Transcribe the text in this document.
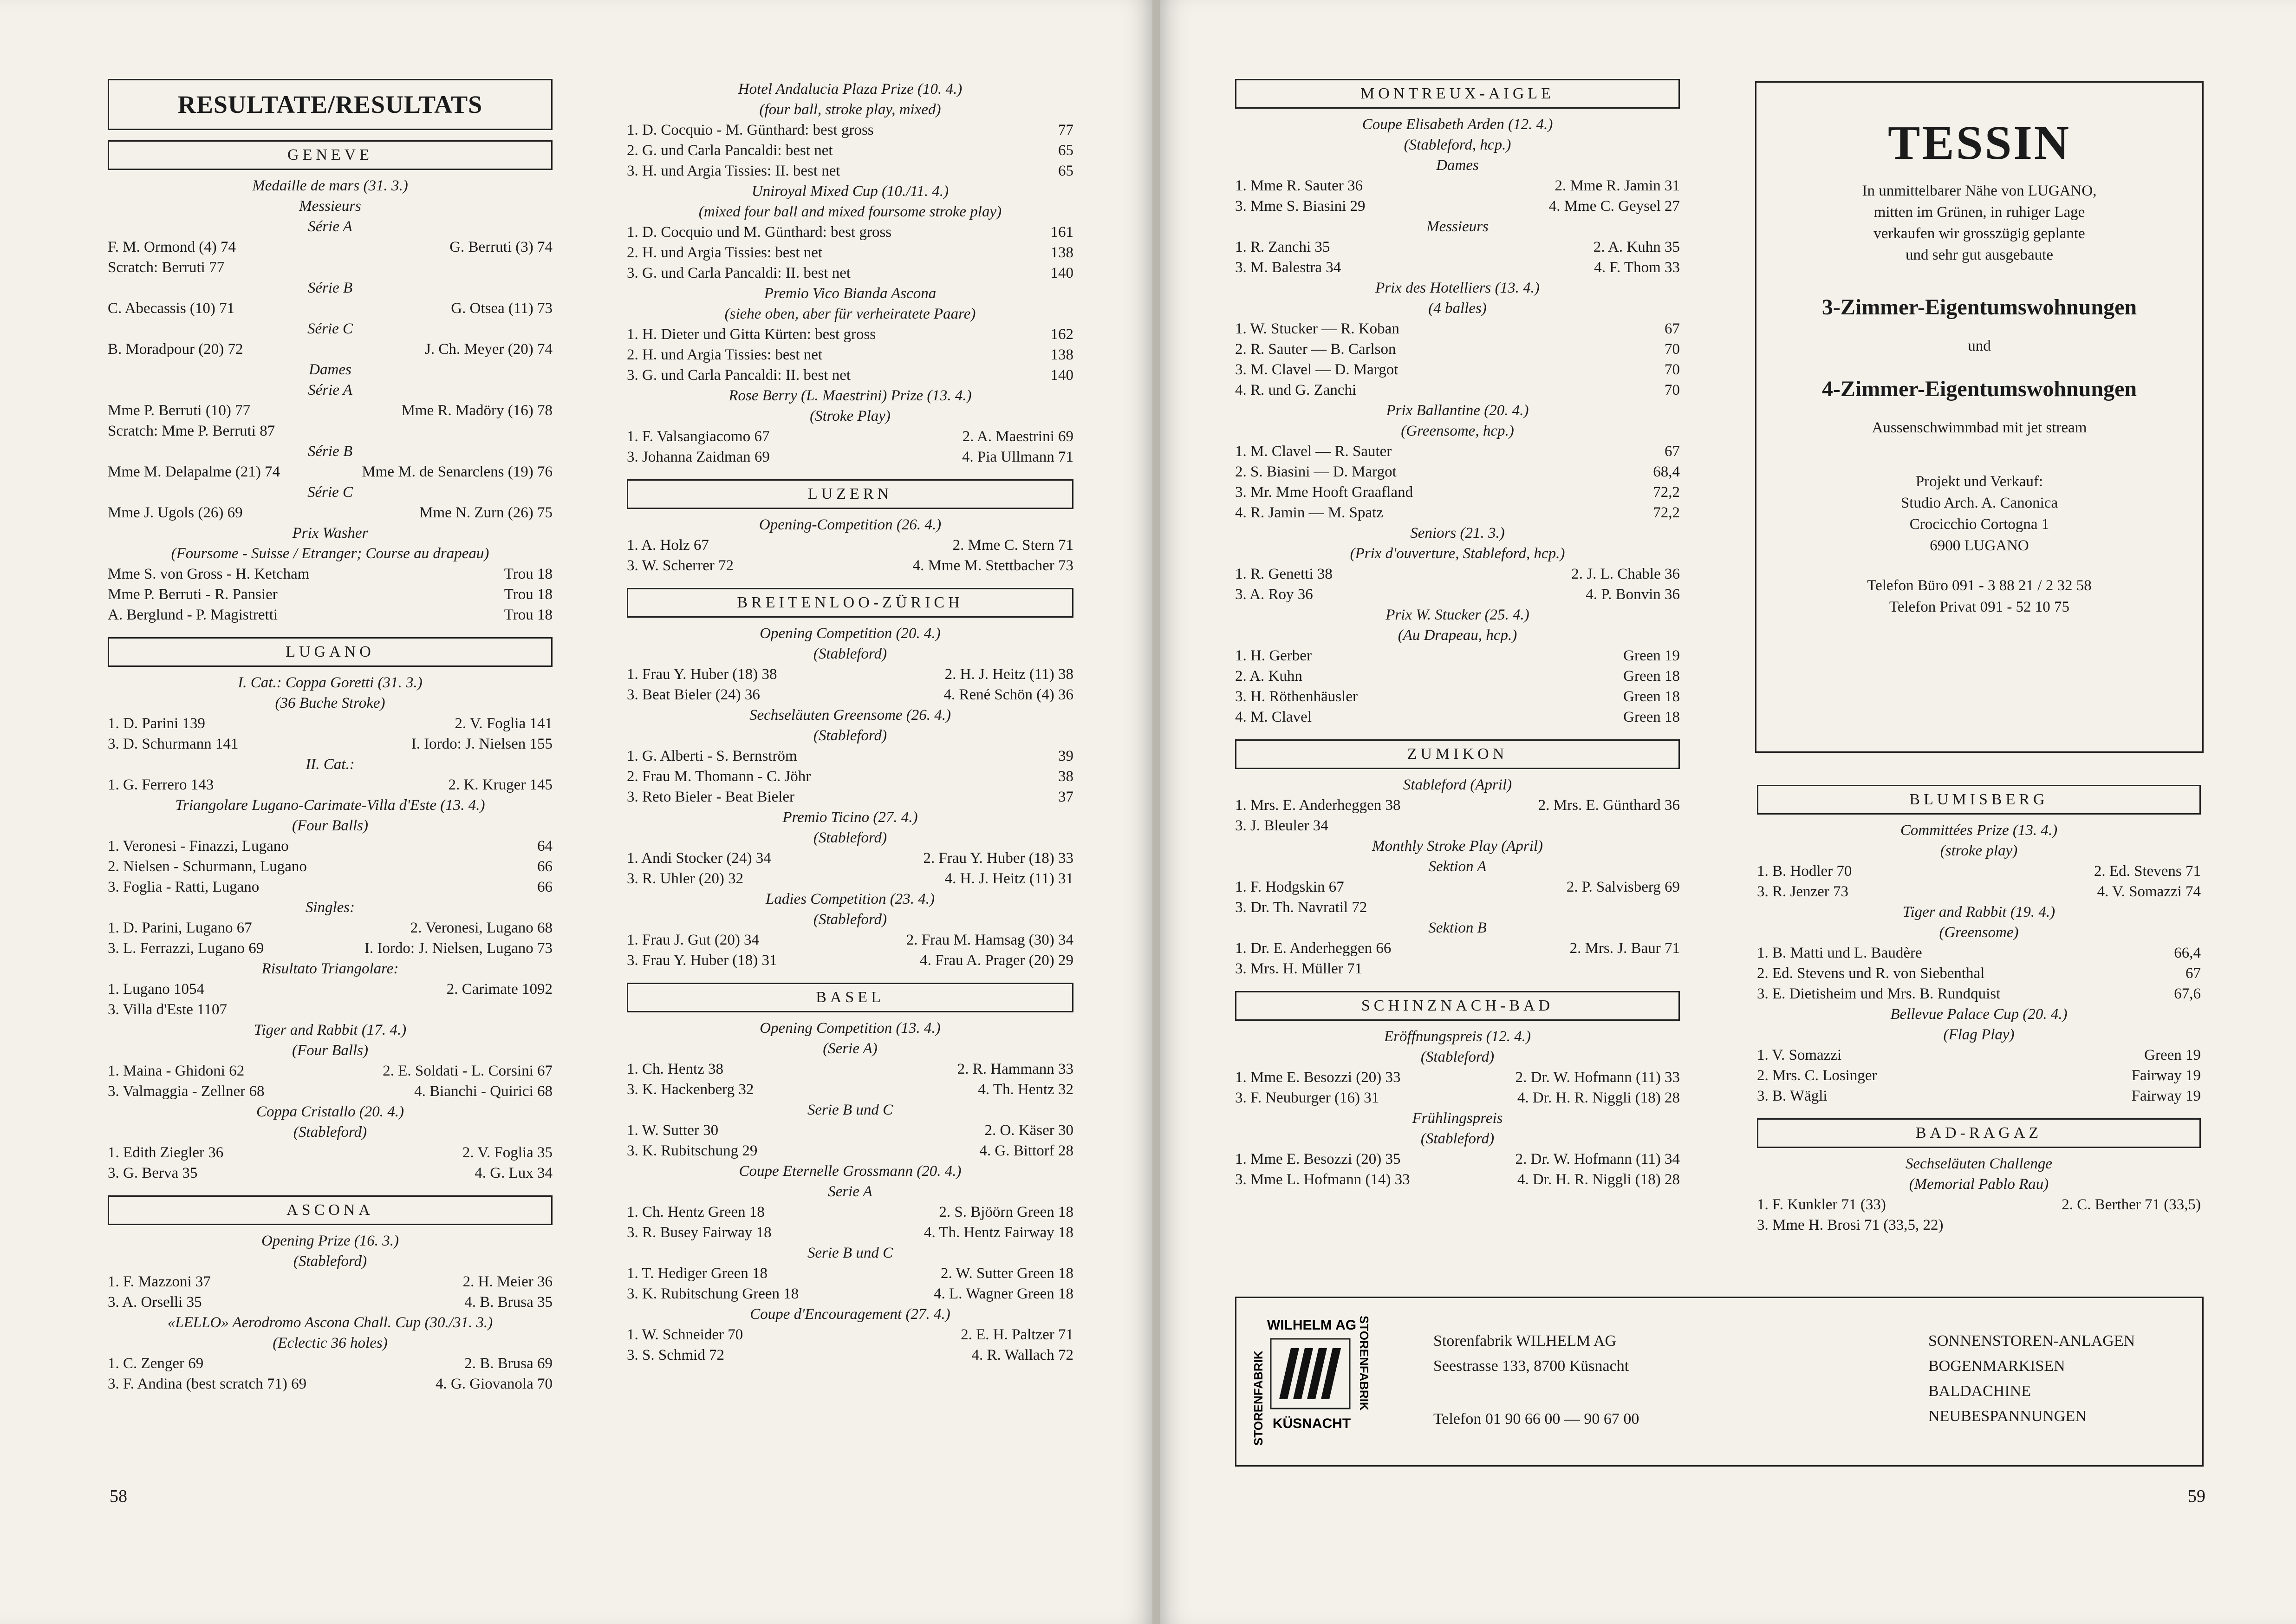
RESULTATE/RESULTATS
GENEVE
Medaille de mars (31. 3.)
Messieurs
Série A
F. M. Ormond (4) 74	G. Berruti (3) 74
Scratch: Berruti 77
Série B
C. Abecassis (10) 71	G. Otsea (11) 73
Série C
B. Moradpour (20) 72	J. Ch. Meyer (20) 74
Dames
Série A
Mme P. Berruti (10) 77	Mme R. Madöry (16) 78
Scratch: Mme P. Berruti 87
Série B
Mme M. Delapalme (21) 74	Mme M. de Senarclens (19) 76
Série C
Mme J. Ugols (26) 69	Mme N. Zurn (26) 75
Prix Washer
(Foursome - Suisse / Etranger; Course au drapeau)
Mme S. von Gross - H. Ketcham	Trou 18
Mme P. Berruti - R. Pansier	Trou 18
A. Berglund - P. Magistretti	Trou 18
LUGANO
I. Cat.: Coppa Goretti (31. 3.)
(36 Buche Stroke)
1. D. Parini 139	2. V. Foglia 141
3. D. Schurmann 141	I. Iordo: J. Nielsen 155
II. Cat.:
1. G. Ferrero 143	2. K. Kruger 145
Triangolare Lugano-Carimate-Villa d'Este (13. 4.)
(Four Balls)
1. Veronesi - Finazzi, Lugano	64
2. Nielsen - Schurmann, Lugano	66
3. Foglia - Ratti, Lugano	66
Singles:
1. D. Parini, Lugano 67	2. Veronesi, Lugano 68
3. L. Ferrazzi, Lugano 69	I. Iordo: J. Nielsen, Lugano 73
Risultato Triangolare:
1. Lugano 1054	2. Carimate 1092
3. Villa d'Este 1107
Tiger and Rabbit (17. 4.)
(Four Balls)
1. Maina - Ghidoni 62	2. E. Soldati - L. Corsini 67
3. Valmaggia - Zellner 68	4. Bianchi - Quirici 68
Coppa Cristallo (20. 4.)
(Stableford)
1. Edith Ziegler 36	2. V. Foglia 35
3. G. Berva 35	4. G. Lux 34
ASCONA
Opening Prize (16. 3.)
(Stableford)
1. F. Mazzoni 37	2. H. Meier 36
3. A. Orselli 35	4. B. Brusa 35
«LELLO» Aerodromo Ascona Chall. Cup (30./31. 3.)
(Eclectic 36 holes)
1. C. Zenger 69	2. B. Brusa 69
3. F. Andina (best scratch 71) 69	4. G. Giovanola 70
Hotel Andalucia Plaza Prize (10. 4.)
(four ball, stroke play, mixed)
1. D. Cocquio - M. Günthard: best gross	77
2. G. und Carla Pancaldi: best net	65
3. H. und Argia Tissies: II. best net	65
Uniroyal Mixed Cup (10./11. 4.)
(mixed four ball and mixed foursome stroke play)
1. D. Cocquio und M. Günthard: best gross	161
2. H. und Argia Tissies: best net	138
3. G. und Carla Pancaldi: II. best net	140
Premio Vico Bianda Ascona
(siehe oben, aber für verheiratete Paare)
1. H. Dieter und Gitta Kürten: best gross	162
2. H. und Argia Tissies: best net	138
3. G. und Carla Pancaldi: II. best net	140
Rose Berry (L. Maestrini) Prize (13. 4.)
(Stroke Play)
1. F. Valsangiacomo 67	2. A. Maestrini 69
3. Johanna Zaidman 69	4. Pia Ullmann 71
LUZERN
Opening-Competition (26. 4.)
1. A. Holz 67	2. Mme C. Stern 71
3. W. Scherrer 72	4. Mme M. Stettbacher 73
BREITENLOO-ZÜRICH
Opening Competition (20. 4.)
(Stableford)
1. Frau Y. Huber (18) 38	2. H. J. Heitz (11) 38
3. Beat Bieler (24) 36	4. René Schön (4) 36
Sechseläuten Greensome (26. 4.)
(Stableford)
1. G. Alberti - S. Bernström	39
2. Frau M. Thomann - C. Jöhr	38
3. Reto Bieler - Beat Bieler	37
Premio Ticino (27. 4.)
(Stableford)
1. Andi Stocker (24) 34	2. Frau Y. Huber (18) 33
3. R. Uhler (20) 32	4. H. J. Heitz (11) 31
Ladies Competition (23. 4.)
(Stableford)
1. Frau J. Gut (20) 34	2. Frau M. Hamsag (30) 34
3. Frau Y. Huber (18) 31	4. Frau A. Prager (20) 29
BASEL
Opening Competition (13. 4.)
(Serie A)
1. Ch. Hentz 38	2. R. Hammann 33
3. K. Hackenberg 32	4. Th. Hentz 32
Serie B und C
1. W. Sutter 30	2. O. Käser 30
3. K. Rubitschung 29	4. G. Bittorf 28
Coupe Eternelle Grossmann (20. 4.)
Serie A
1. Ch. Hentz Green 18	2. S. Bjöörn Green 18
3. R. Busey Fairway 18	4. Th. Hentz Fairway 18
Serie B und C
1. T. Hediger Green 18	2. W. Sutter Green 18
3. K. Rubitschung Green 18	4. L. Wagner Green 18
Coupe d'Encouragement (27. 4.)
1. W. Schneider 70	2. E. H. Paltzer 71
3. S. Schmid 72	4. R. Wallach 72
58
MONTREUX-AIGLE
Coupe Elisabeth Arden (12. 4.)
(Stableford, hcp.)
Dames
1. Mme R. Sauter 36	2. Mme R. Jamin 31
3. Mme S. Biasini 29	4. Mme C. Geysel 27
Messieurs
1. R. Zanchi 35	2. A. Kuhn 35
3. M. Balestra 34	4. F. Thom 33
Prix des Hotelliers (13. 4.)
(4 balles)
1. W. Stucker — R. Koban	67
2. R. Sauter — B. Carlson	70
3. M. Clavel — D. Margot	70
4. R. und G. Zanchi	70
Prix Ballantine (20. 4.)
(Greensome, hcp.)
1. M. Clavel — R. Sauter	67
2. S. Biasini — D. Margot	68,4
3. Mr. Mme Hooft Graafland	72,2
4. R. Jamin — M. Spatz	72,2
Seniors (21. 3.)
(Prix d'ouverture, Stableford, hcp.)
1. R. Genetti 38	2. J. L. Chable 36
3. A. Roy 36	4. P. Bonvin 36
Prix W. Stucker (25. 4.)
(Au Drapeau, hcp.)
1. H. Gerber	Green 19
2. A. Kuhn	Green 18
3. H. Röthenhäusler	Green 18
4. M. Clavel	Green 18
ZUMIKON
Stableford (April)
1. Mrs. E. Anderheggen 38	2. Mrs. E. Günthard 36
3. J. Bleuler 34
Monthly Stroke Play (April)
Sektion A
1. F. Hodgskin 67	2. P. Salvisberg 69
3. Dr. Th. Navratil 72
Sektion B
1. Dr. E. Anderheggen 66	2. Mrs. J. Baur 71
3. Mrs. H. Müller 71
SCHINZNACH-BAD
Eröffnungspreis (12. 4.)
(Stableford)
1. Mme E. Besozzi (20) 33	2. Dr. W. Hofmann (11) 33
3. F. Neuburger (16) 31	4. Dr. H. R. Niggli (18) 28
Frühlingspreis
(Stableford)
1. Mme E. Besozzi (20) 35	2. Dr. W. Hofmann (11) 34
3. Mme L. Hofmann (14) 33	4. Dr. H. R. Niggli (18) 28
TESSIN
In unmittelbarer Nähe von LUGANO,
mitten im Grünen, in ruhiger Lage
verkaufen wir grosszügig geplante
und sehr gut ausgebaute
3-Zimmer-Eigentumswohnungen
und
4-Zimmer-Eigentumswohnungen
Aussenschwimmbad mit jet stream
Projekt und Verkauf:
Studio Arch. A. Canonica
Crocicchio Cortogna 1
6900 LUGANO
Telefon Büro 091 - 3 88 21 / 2 32 58
Telefon Privat 091 - 52 10 75
BLUMISBERG
Committées Prize (13. 4.)
(stroke play)
1. B. Hodler 70	2. Ed. Stevens 71
3. R. Jenzer 73	4. V. Somazzi 74
Tiger and Rabbit (19. 4.)
(Greensome)
1. B. Matti und L. Baudère	66,4
2. Ed. Stevens und R. von Siebenthal	67
3. E. Dietisheim und Mrs. B. Rundquist	67,6
Bellevue Palace Cup (20. 4.)
(Flag Play)
1. V. Somazzi	Green 19
2. Mrs. C. Losinger	Fairway 19
3. B. Wägli	Fairway 19
BAD-RAGAZ
Sechseläuten Challenge
(Memorial Pablo Rau)
1. F. Kunkler 71 (33)	2. C. Berther 71 (33,5)
3. Mme H. Brosi 71 (33,5, 22)
WILHELM AG
KÜSNACHT
STORENFABRIK	STORENFABRIK	Storenfabrik WILHELM AG
Seestrasse 133, 8700 Küsnacht
Telefon 01 90 66 00 — 90 67 00
SONNENSTOREN-ANLAGEN
BOGENMARKISEN
BALDACHINE
NEUBESPANNUNGEN
59
